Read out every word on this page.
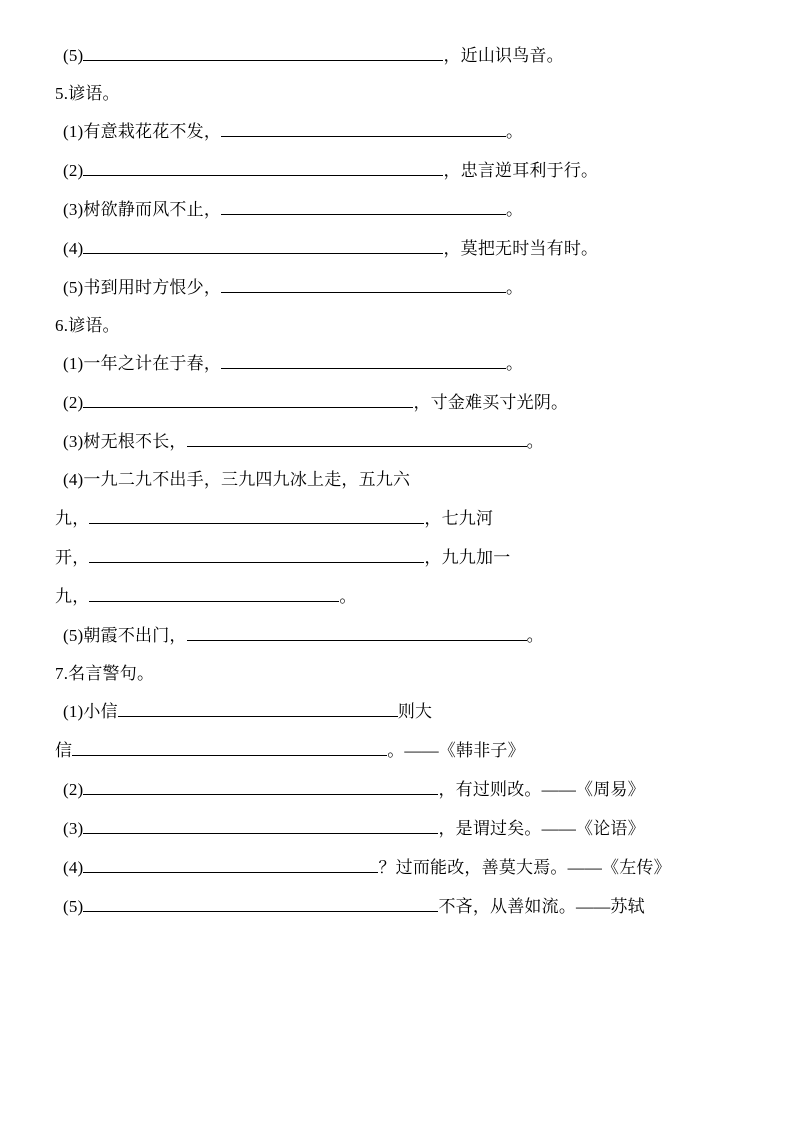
(5)	，近山识鸟音。
5.谚语。
(1)有意栽花花不发，	。
(2)	，忠言逆耳利于行。
(3)树欲静而风不止，	。
(4)	，莫把无时当有时。
(5)书到用时方恨少，	。
6.谚语。
(1)一年之计在于春，	。
(2)	，寸金难买寸光阴。
(3)树无根不长，	。
(4)一九二九不出手，三九四九冰上走，五九六
九，	，七九河
开，	，九九加一
九，	。
(5)朝霞不出门，	。
7.名言警句。
(1)小信	则大
信	。——《韩非子》
(2)	，有过则改。——《周易》
(3)	，是谓过矣。——《论语》
(4)	？过而能改，善莫大焉。——《左传》
(5)	不吝，从善如流。——苏轼
